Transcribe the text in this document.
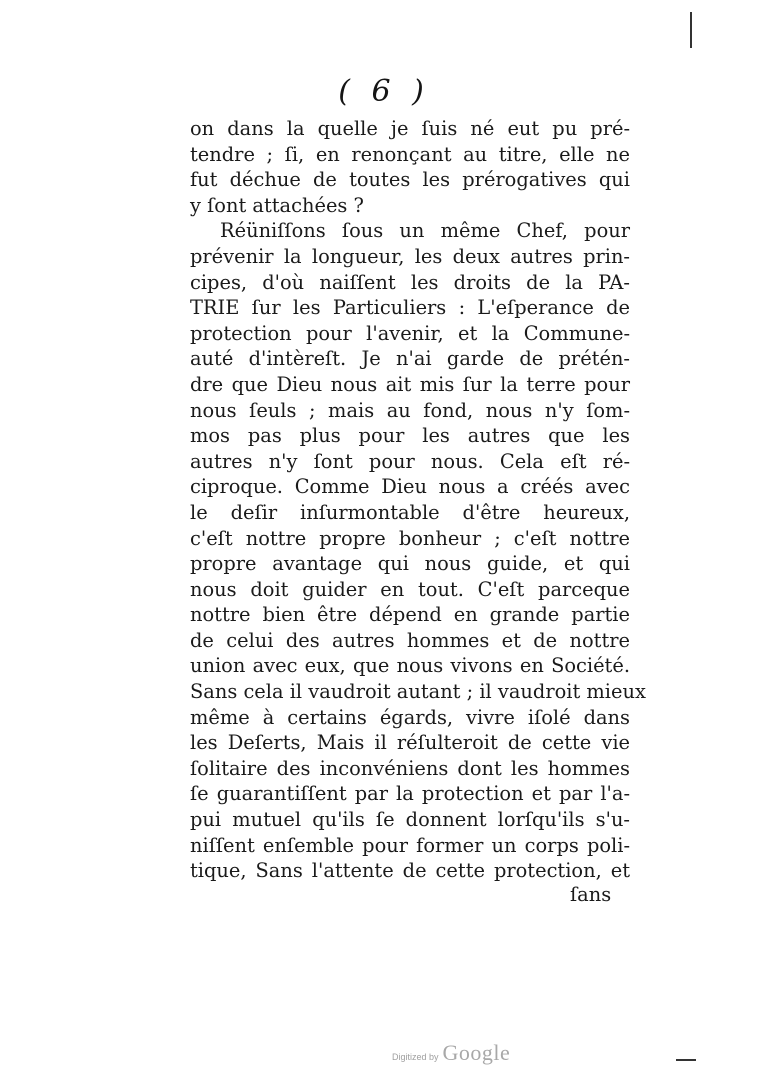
( 6 )
on dans la quelle je ſuis né eut pu pré-
tendre ; ſi, en renonçant au titre, elle ne
fut déchue de toutes les prérogatives qui
y ſont attachées ?
Réüniſſons ſous un même Chef, pour
prévenir la longueur, les deux autres prin-
cipes, d'où naiſſent les droits de la PA-
TRIE ſur les Particuliers : L'eſperance de
protection pour l'avenir, et la Commune-
auté d'intèreſt. Je n'ai garde de prétén-
dre que Dieu nous ait mis ſur la terre pour
nous ſeuls ; mais au fond, nous n'y ſom-
mos pas plus pour les autres que les
autres n'y ſont pour nous. Cela eſt ré-
ciproque. Comme Dieu nous a créés avec
le deſir inſurmontable d'être heureux,
c'eſt nottre propre bonheur ; c'eſt nottre
propre avantage qui nous guide, et qui
nous doit guider en tout. C'eſt parceque
nottre bien être dépend en grande partie
de celui des autres hommes et de nottre
union avec eux, que nous vivons en Société.
Sans cela il vaudroit autant ; il vaudroit mieux
même à certains égards, vivre iſolé dans
les Deſerts, Mais il réſulteroit de cette vie
ſolitaire des inconvéniens dont les hommes
ſe guarantiſſent par la protection et par l'a-
pui mutuel qu'ils ſe donnent lorſqu'ils s'u-
niſſent enſemble pour former un corps poli-
tique, Sans l'attente de cette protection, et
ſans
Digitized by Google
